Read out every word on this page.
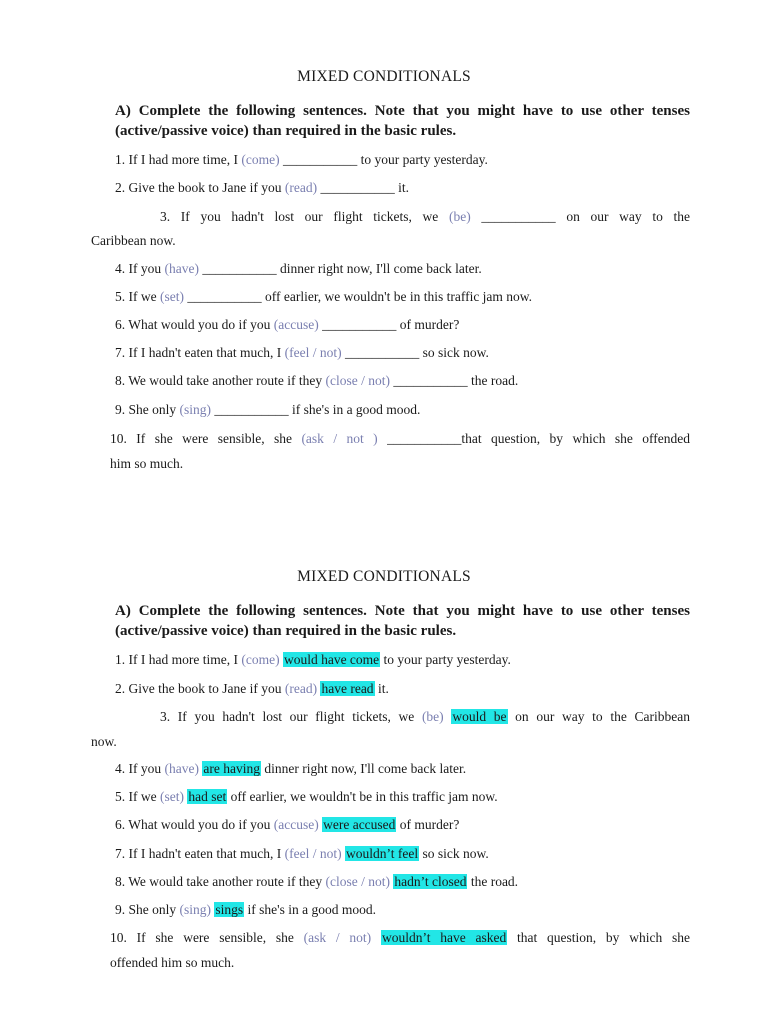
MIXED CONDITIONALS
A) Complete the following sentences. Note that you might have to use other tenses (active/passive voice) than required in the basic rules.
1. If I had more time, I (come) ___________ to your party yesterday.
2. Give the book to Jane if you (read) ___________ it.
3. If you hadn't lost our flight tickets, we (be) ___________ on our way to the
Caribbean now.
4. If you (have) ___________ dinner right now, I'll come back later.
5. If we (set) ___________ off earlier, we wouldn't be in this traffic jam now.
6. What would you do if you (accuse) ___________ of murder?
7. If I hadn't eaten that much, I (feel / not) ___________ so sick now.
8. We would take another route if they (close / not) ___________ the road.
9. She only (sing) ___________ if she's in a good mood.
10. If she were sensible, she (ask / not ) ___________that question, by which she offended
him so much.
MIXED CONDITIONALS
A) Complete the following sentences. Note that you might have to use other tenses (active/passive voice) than required in the basic rules.
1. If I had more time, I (come) would have come to your party yesterday.
2. Give the book to Jane if you (read) have read it.
3. If you hadn't lost our flight tickets, we (be) would be on our way to the Caribbean
now.
4. If you (have) are having dinner right now, I'll come back later.
5. If we (set) had set off earlier, we wouldn't be in this traffic jam now.
6. What would you do if you (accuse) were accused of murder?
7. If I hadn't eaten that much, I (feel / not) wouldn’t feel so sick now.
8. We would take another route if they (close / not) hadn’t closed the road.
9. She only (sing) sings if she's in a good mood.
10. If she were sensible, she (ask / not) wouldn’t have asked that question, by which she
offended him so much.
